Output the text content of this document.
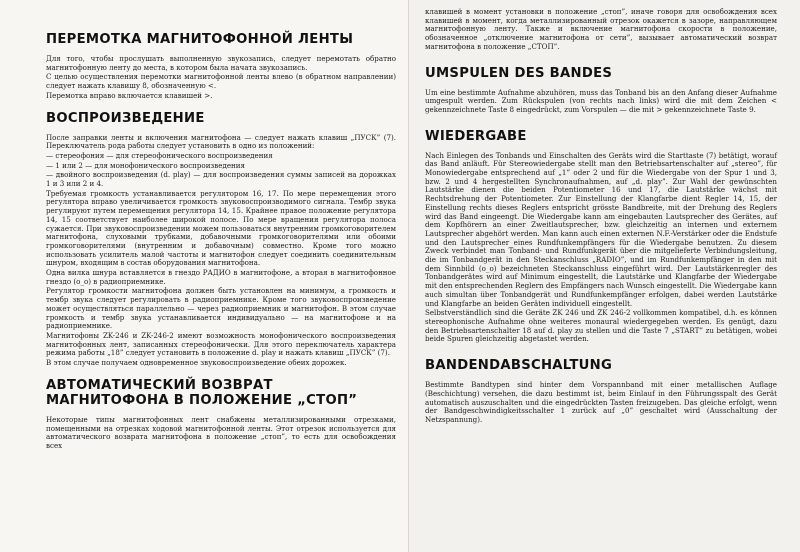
ПЕРЕМОТКА МАГНИТОФОННОЙ ЛЕНТЫ

Для того, чтобы прослушать выполненную звукозапись, следует перемотать обратно магнитофонную ленту до места, в котором была начата звукозапись.

С целью осуществления перемотки магнитофонной ленты влево (в обратном направлении) следует нажать клавишу 8, обозначенную <.

Перемотка вправо включается клавишей >.

ВОСПРОИЗВЕДЕНИЕ

После заправки ленты и включения магнитофона — следует нажать клавиш „ПУСК” (7). Переключатель рода работы следует установить в одно из положений:

— стереофония — для стереофонического воспроизведения

— 1 или 2 — для монофонического воспроизведения

— двойного воспроизведения (d. play) — для воспроизведения суммы записей на дорожках 1 и 3 или 2 и 4.

Требуемая громкость устанавливается регулятором 16, 17. По мере перемещения этого регулятора вправо увеличивается громкость звуковоспроизводимого сигнала. Тембр звука регулируют путем перемещения регулятора 14, 15. Крайнее правое положение регулятора 14, 15 соответствует наиболее широкой полосе. По мере вращения регулятора полоса сужается. При звуковоспроизведении можем пользоваться внутренним громкоговорителем магнитофона, слуховыми трубками, добавочными громкоговорителями или обоими громкоговорителями (внутренним и добавочным) совместно. Кроме того можно использовать усилитель малой частоты и магнитофон следует соединить соединительным шнуром, входящим в состав оборудования магнитофона.

Одна вилка шнура вставляется в гнездо РАДИО в магнитофоне, а вторая в магнитофонное гнездо (о_о) в радиоприемнике.

Регулятор громкости магнитофона должен быть установлен на минимум, а громкость и тембр звука следует регулировать в радиоприемнике. Кроме того звуковоспроизведение может осуществляться параллельно — через радиоприемник и магнитофон. В этом случае громкость и тембр звука устанавливается индивидуально — на магнитофоне и на радиоприемнике.

Магнитофоны ZK-246 и ZK-246-2 имеют возможность монофонического воспроизведения магнитофонных лент, записанных стереофонически. Для этого переключатель характера режима работы „18” следует установить в положение d. play и нажать клавиш „ПУСК” (7).

В этом случае получаем одновременное звуковоспроизведение обеих дорожек.

АВТОМАТИЧЕСКИЙ ВОЗВРАТ МАГНИТОФОНА В ПОЛОЖЕНИЕ „СТОП”

Некоторые типы магнитофонных лент снабжены металлизированными отрезками, помещенными на отрезках ходовой магнитофонной ленты. Этот отрезок используется для автоматического возврата магнитофона в положение „стоп”, то есть для освобождения всех

клавишей в момент установки в положение „стоп”, иначе говоря для освобождения всех клавишей в момент, когда металлизированный отрезок окажется в зазоре, направляющем магнитофонную ленту. Также и включение магнитофона скорости в положение, обозначенное „отключение магнитофона от сети”, вызывает автоматический возврат магнитофона в положение „СТОП”.

UMSPULEN DES BANDES

Um eine bestimmte Aufnahme abzuhören, muss das Tonband bis an den Anfang dieser Aufnahme umgespult werden. Zum Rückspulen (von rechts nach links) wird die mit dem Zeichen < gekennzeichnete Taste 8 eingedrückt, zum Vorspulen — die mit > gekennzeichnete Taste 9.

WIEDERGABE

Nach Einlegen des Tonbands und Einschalten des Geräts wird die Starttaste (7) betätigt, worauf das Band anläuft. Für Stereowiedergabe stellt man den Betriebsartenschalter auf „stereo”, für Monowiedergabe entsprechend auf „1” oder 2 und für die Wiedergabe von der Spur 1 und 3, bzw. 2 und 4 hergestellten Synchronaufnahmen, auf „d. play”. Zur Wahl der gewünschten Lautstärke dienen die beiden Potentiometer 16 und 17, die Lautstärke wächst mit Rechtsdrehung der Potentiometer. Zur Einstellung der Klangfarbe dient Regler 14, 15, der Einstellung rechts dieses Reglers entspricht grösste Bandbreite, mit der Drehung des Reglers wird das Band eingeengt. Die Wiedergabe kann am eingebauten Lautsprecher des Gerätes, auf dem Kopfhörern an einer Zweitlautsprecher, bzw. gleichzeitig an internen und externem Lautsprecher abgehört werden. Man kann auch einen externen N.F.-Verstärker oder die Endstufe und den Lautsprecher eines Rundfunkempfängers für die Wiedergabe benutzen. Zu diesem Zweck verbindet man Tonband- und Rundfunkgerät über die mitgelieferte Verbindungsleitung, die im Tonbandgerät in den Steckanschluss „RADIO”, und im Rundfunkempfänger in den mit dem Sinnbild (o_o) bezeichneten Steckanschluss eingeführt wird. Der Lautstärkenregler des Tonbandgerätes wird auf Minimum eingestellt, die Lautstärke und Klangfarbe der Wiedergabe mit den entsprechenden Reglern des Empfängers nach Wunsch eingestellt. Die Wiedergabe kann auch simultan über Tonbandgerät und Rundfunkempfänger erfolgen, dabei werden Lautstärke und Klangfarbe an beiden Geräten individuell eingestellt.

Selbstverständlich sind die Geräte ZK 246 und ZK 246-2 vollkommen kompatibel, d.h. es können stereophonische Aufnahme ohne weiteres monaural wiedergegeben werden. Es genügt, dazu den Betriebsartenschalter 18 auf d. play zu stellen und die Taste 7 „START” zu betätigen, wobei beide Spuren gleichzeitig abgetastet werden.

BANDENDABSCHALTUNG

Bestimmte Bandtypen sind hinter dem Vorspannband mit einer metallischen Auflage (Beschichtung) versehen, die dazu bestimmt ist, beim Einlauf in den Führungsspalt des Gerät automatisch auszuschalten und die eingedrückten Tasten freizugeben. Das gleiche erfolgt, wenn der Bandgeschwindigkeitsschalter 1 zurück auf „0” geschaltet wird (Ausschaltung der Netzspannung).
